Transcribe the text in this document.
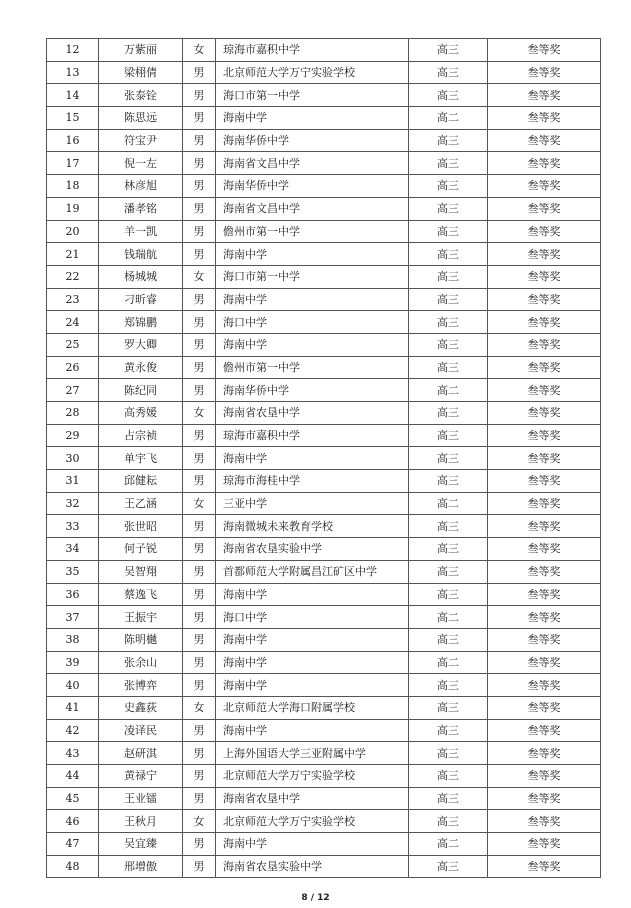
12	万紫丽	女	琼海市嘉积中学	高三	叁等奖
13	梁栩倩	男	北京师范大学万宁实验学校	高三	叁等奖
14	张泰铨	男	海口市第一中学	高三	叁等奖
15	陈思远	男	海南中学	高二	叁等奖
16	符宝尹	男	海南华侨中学	高三	叁等奖
17	倪一左	男	海南省文昌中学	高三	叁等奖
18	林彦旭	男	海南华侨中学	高三	叁等奖
19	潘孝铭	男	海南省文昌中学	高三	叁等奖
20	羊一凯	男	儋州市第一中学	高三	叁等奖
21	钱瑞航	男	海南中学	高三	叁等奖
22	杨城城	女	海口市第一中学	高三	叁等奖
23	刁昕睿	男	海南中学	高三	叁等奖
24	郑锦鹏	男	海口中学	高三	叁等奖
25	罗大卿	男	海南中学	高三	叁等奖
26	黄永俊	男	儋州市第一中学	高三	叁等奖
27	陈纪同	男	海南华侨中学	高二	叁等奖
28	高秀媛	女	海南省农垦中学	高三	叁等奖
29	占宗祯	男	琼海市嘉积中学	高三	叁等奖
30	单宇飞	男	海南中学	高三	叁等奖
31	邱健耘	男	琼海市海桂中学	高三	叁等奖
32	王乙涵	女	三亚中学	高二	叁等奖
33	张世昭	男	海南微城未来教育学校	高三	叁等奖
34	何子锐	男	海南省农垦实验中学	高三	叁等奖
35	吴智翔	男	首都师范大学附属昌江矿区中学	高三	叁等奖
36	蔡逸飞	男	海南中学	高三	叁等奖
37	王振宇	男	海口中学	高二	叁等奖
38	陈明樾	男	海南中学	高三	叁等奖
39	张余山	男	海南中学	高二	叁等奖
40	张博弈	男	海南中学	高三	叁等奖
41	史鑫荻	女	北京师范大学海口附属学校	高三	叁等奖
42	凌译民	男	海南中学	高三	叁等奖
43	赵研淇	男	上海外国语大学三亚附属中学	高三	叁等奖
44	黄禄宁	男	北京师范大学万宁实验学校	高三	叁等奖
45	王业镭	男	海南省农垦中学	高三	叁等奖
46	王秋月	女	北京师范大学万宁实验学校	高三	叁等奖
47	吴宜臻	男	海南中学	高二	叁等奖
48	邢增傲	男	海南省农垦实验中学	高三	叁等奖
8 / 12
